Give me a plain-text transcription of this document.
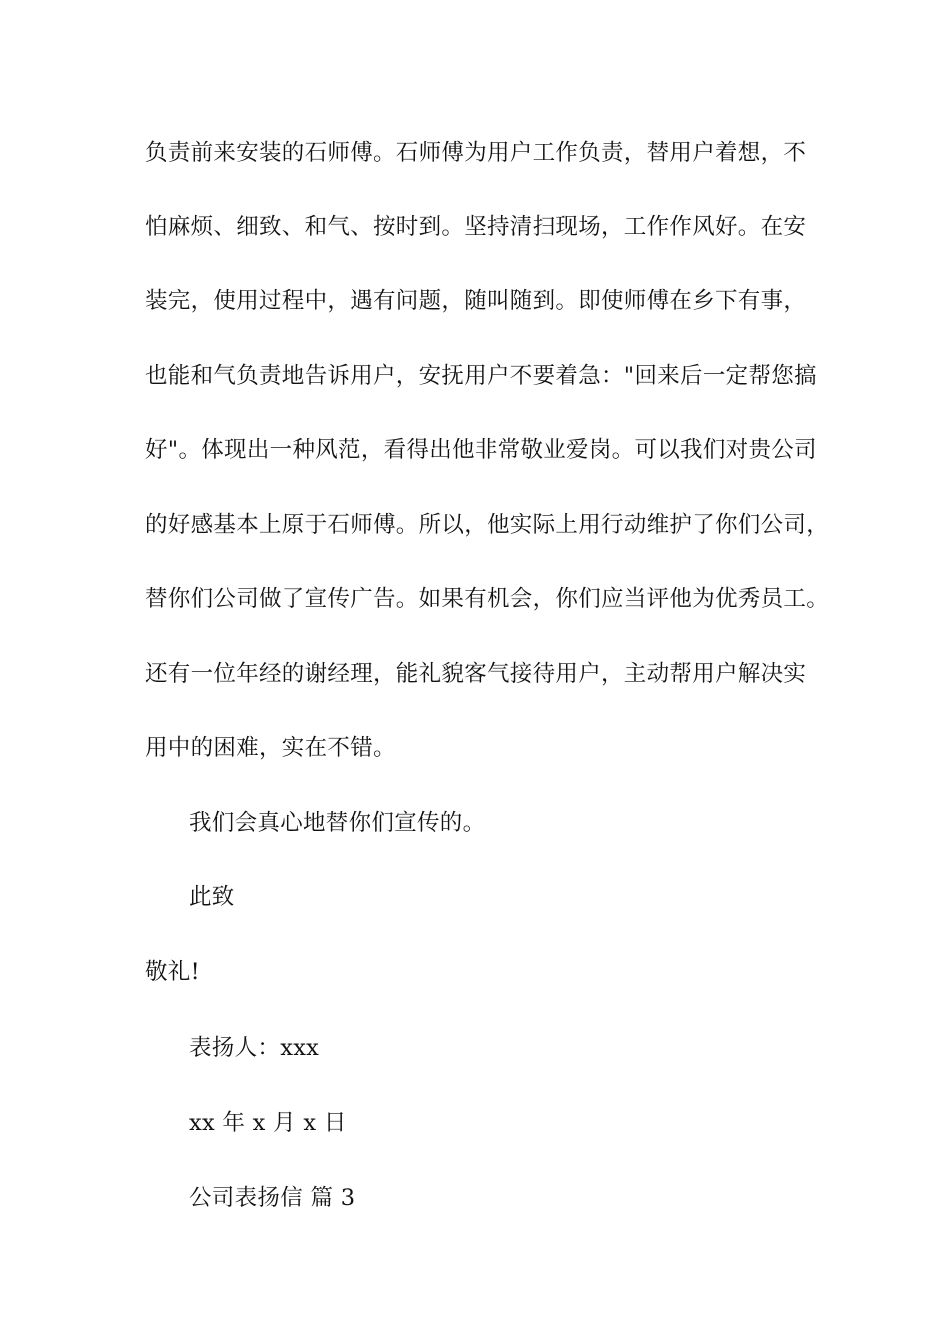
负责前来安装的石师傅。石师傅为用户工作负责，替用户着想，不
怕麻烦、细致、和气、按时到。坚持清扫现场，工作作风好。在安
装完，使用过程中，遇有问题，随叫随到。即使师傅在乡下有事，
也能和气负责地告诉用户，安抚用户不要着急："回来后一定帮您搞
好"。体现出一种风范，看得出他非常敬业爱岗。可以我们对贵公司
的好感基本上原于石师傅。所以，他实际上用行动维护了你们公司，
替你们公司做了宣传广告。如果有机会，你们应当评他为优秀员工。
还有一位年经的谢经理，能礼貌客气接待用户，主动帮用户解决实
用中的困难，实在不错。
我们会真心地替你们宣传的。
此致
敬礼!
表扬人：xxx
xx 年 x 月 x 日
公司表扬信 篇 3
